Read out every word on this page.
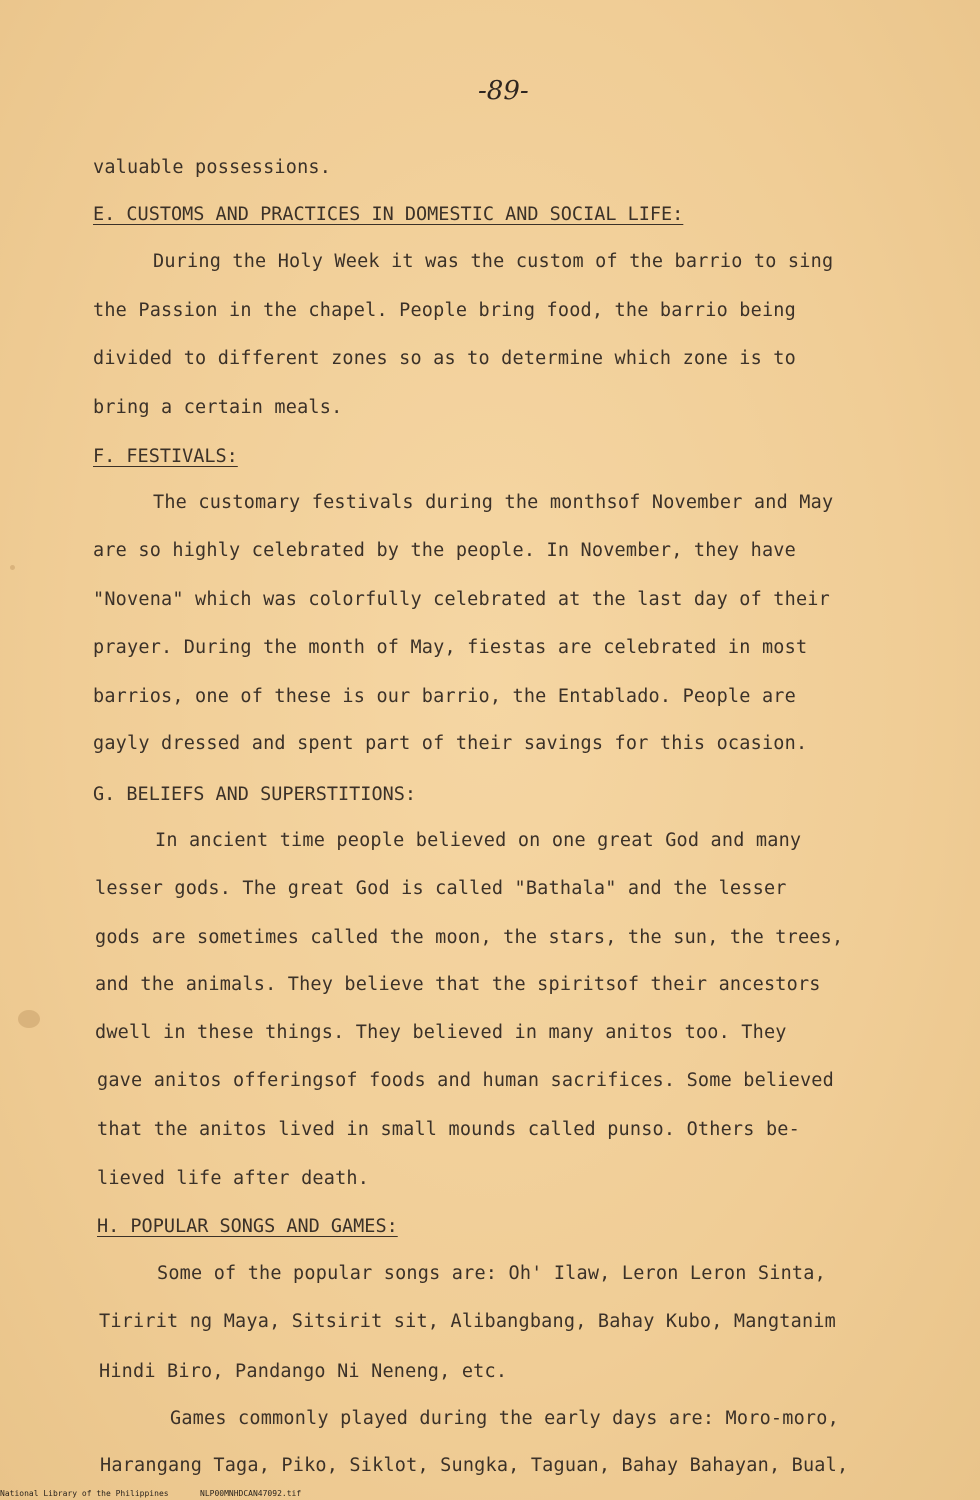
-89-
valuable possessions.
E. CUSTOMS AND PRACTICES IN DOMESTIC AND SOCIAL LIFE:
During the Holy Week it was the custom of the barrio to sing
the Passion in the chapel. People bring food, the barrio being
divided to different zones so as to determine which zone is to
bring a certain meals.
F. FESTIVALS:
The customary festivals during the monthsof November and May
are so highly celebrated by the people. In November, they have
"Novena" which was colorfully celebrated at the last day of their
prayer. During the month of May, fiestas are celebrated in most
barrios, one of these is our barrio, the Entablado. People are
gayly dressed and spent part of their savings for this ocasion.
G. BELIEFS AND SUPERSTITIONS:
In ancient time people believed on one great God and many
lesser gods. The great God is called "Bathala" and the lesser
gods are sometimes called the moon, the stars, the sun, the trees,
and the animals. They believe that the spiritsof their ancestors
dwell in these things. They believed in many anitos too. They
gave anitos offeringsof foods and human sacrifices. Some believed
that the anitos lived in small mounds called punso. Others be-
lieved life after death.
H. POPULAR SONGS AND GAMES:
Some of the popular songs are: Oh' Ilaw, Leron Leron Sinta,
Tiririt ng Maya, Sitsirit sit, Alibangbang, Bahay Kubo, Mangtanim
Hindi Biro, Pandango Ni Neneng, etc.
Games commonly played during the early days are: Moro-moro,
Harangang Taga, Piko, Siklot, Sungka, Taguan, Bahay Bahayan, Bual,
National Library of the Philippines	NLP00MNHDCAN47092.tif
